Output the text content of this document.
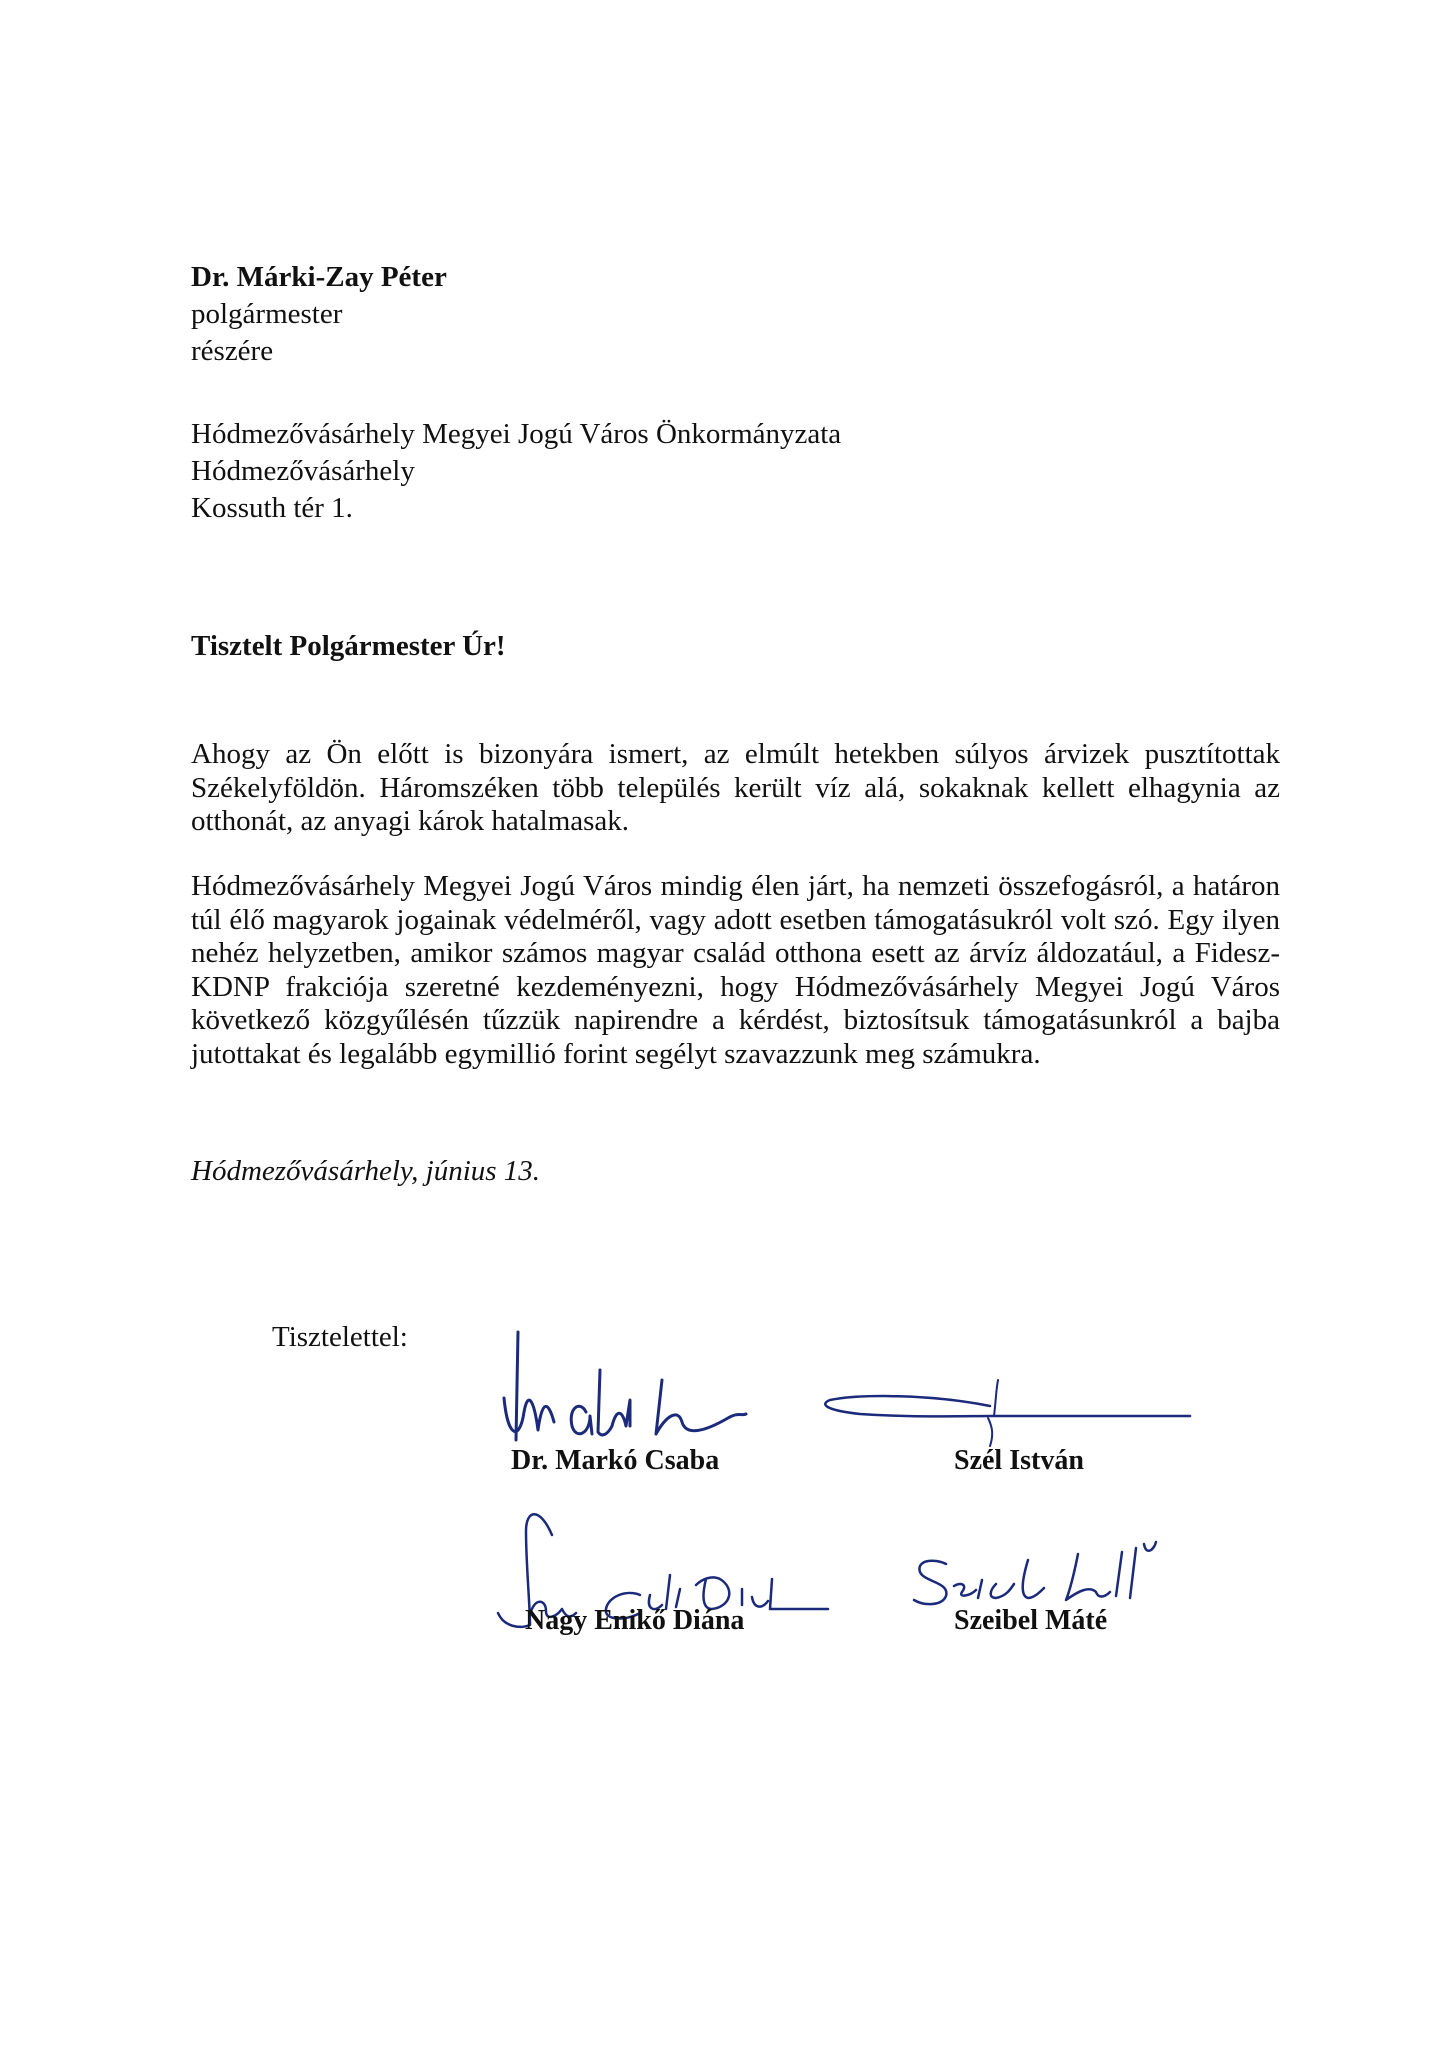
Dr. Márki-Zay Péter
polgármester
részére
Hódmezővásárhely Megyei Jogú Város Önkormányzata
Hódmezővásárhely
Kossuth tér 1.
Tisztelt Polgármester Úr!
Ahogy az Ön előtt is bizonyára ismert, az elmúlt hetekben súlyos árvizek pusztítottak Székelyföldön. Háromszéken több település került víz alá, sokaknak kellett elhagynia az otthonát, az anyagi károk hatalmasak.
Hódmezővásárhely Megyei Jogú Város mindig élen járt, ha nemzeti összefogásról, a határon túl élő magyarok jogainak védelméről, vagy adott esetben támogatásukról volt szó. Egy ilyen nehéz helyzetben, amikor számos magyar család otthona esett az árvíz áldozatául, a Fidesz-KDNP frakciója szeretné kezdeményezni, hogy Hódmezővásárhely Megyei Jogú Város következő közgyűlésén tűzzük napirendre a kérdést, biztosítsuk támogatásunkról a bajba jutottakat és legalább egymillió forint segélyt szavazzunk meg számukra.
Hódmezővásárhely, június 13.
Tisztelettel:
Dr. Markó Csaba	Szél István
Nagy Enikő Diána	Szeibel Máté
